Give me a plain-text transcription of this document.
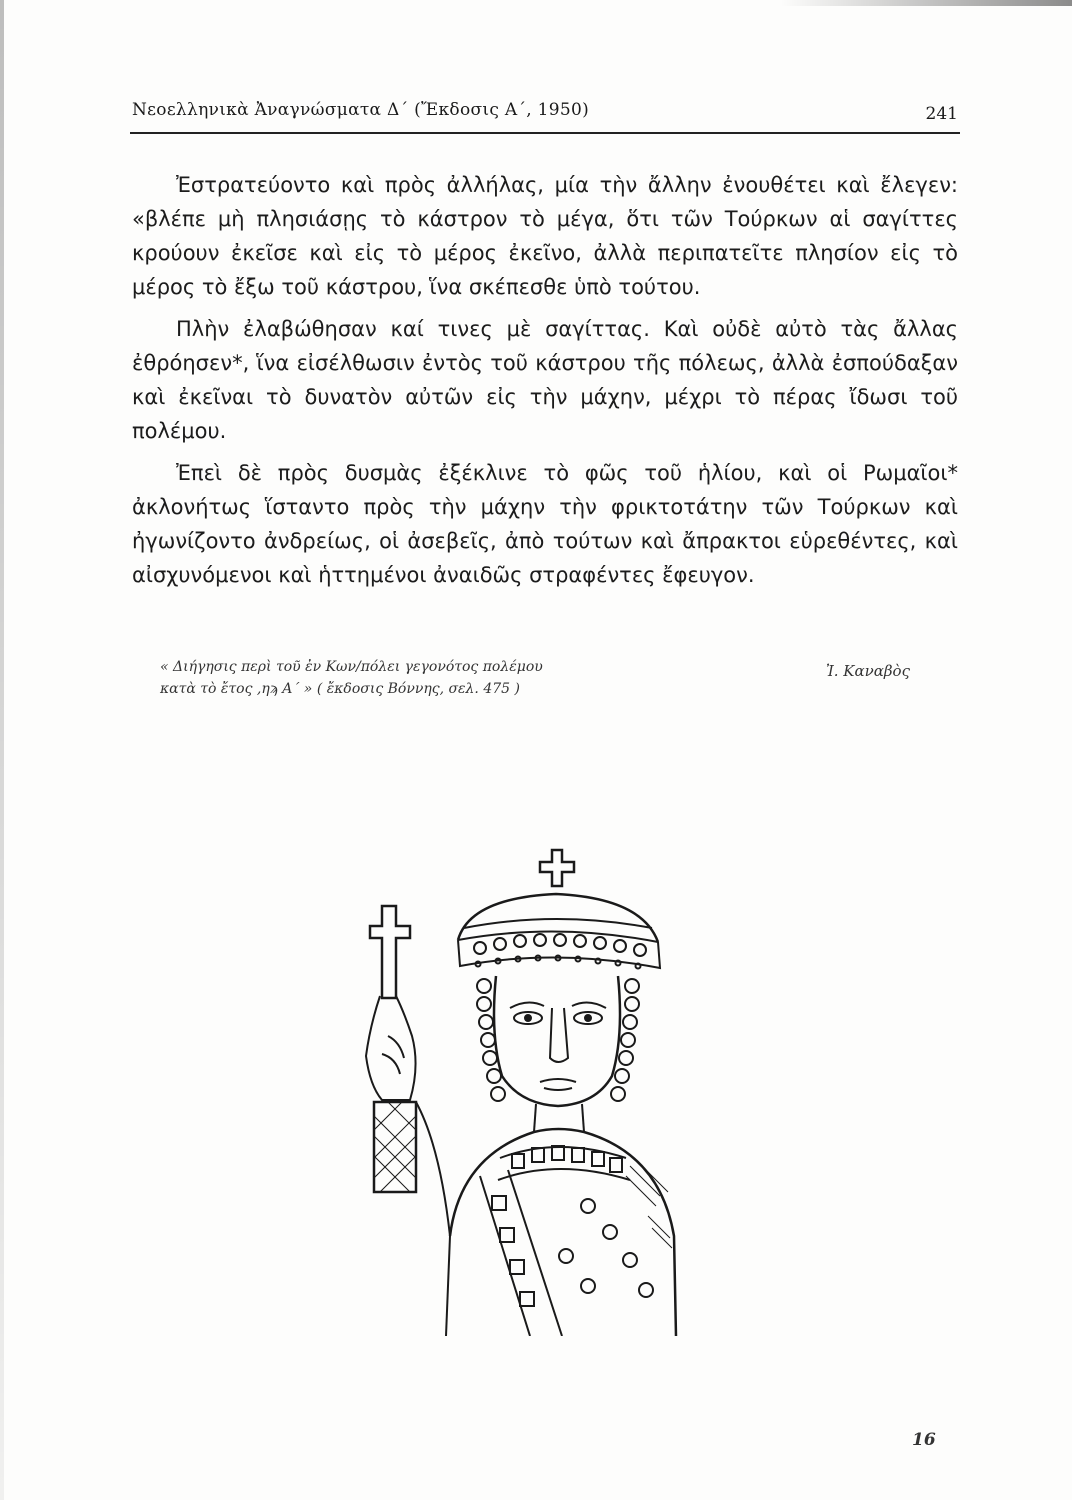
Νεοελληνικὰ Ἀναγνώσματα Δ΄ (Ἔκδοσις Α΄, 1950)	241

Ἐστρατεύοντο καὶ πρὸς ἀλλήλας, μία τὴν ἄλλην ἐνουθέτει καὶ ἔλεγεν: «βλέπε μὴ πλησιάσῃς τὸ κάστρον τὸ μέγα, ὅτι τῶν Τούρκων αἱ σαγίττες κρούουν ἐκεῖσε καὶ εἰς τὸ μέρος ἐκεῖνο, ἀλλὰ περιπατεῖτε πλησίον εἰς τὸ μέρος τὸ ἔξω τοῦ κάστρου, ἵνα σκέπεσθε ὑπὸ τούτου.

Πλὴν ἐλαβώθησαν καί τινες μὲ σαγίττας. Καὶ οὐδὲ αὐτὸ τὰς ἄλλας ἐθρόησεν*, ἵνα εἰσέλθωσιν ἐντὸς τοῦ κάστρου τῆς πόλεως, ἀλλὰ ἐσπούδαξαν καὶ ἐκεῖναι τὸ δυνατὸν αὐτῶν εἰς τὴν μάχην, μέχρι τὸ πέρας ἴδωσι τοῦ πολέμου.

Ἐπεὶ δὲ πρὸς δυσμὰς ἐξέκλινε τὸ φῶς τοῦ ἡλίου, καὶ οἱ Ρωμαῖοι* ἀκλονήτως ἵσταντο πρὸς τὴν μάχην τὴν φρικτοτάτην τῶν Τούρκων καὶ ἠγωνίζοντο ἀνδρείως, οἱ ἀσεβεῖς, ἀπὸ τούτων καὶ ἄπρακτοι εὑρεθέντες, καὶ αἰσχυνόμενοι καὶ ἡττημένοι ἀναιδῶς στραφέντες ἔφευγον.

« Διήγησις περὶ τοῦ ἐν Κων/πόλει γεγονότος πολέμου
κατὰ τὸ ἔτος ,ηϡ Α΄ » ( ἔκδοσις Βόννης, σελ. 475 )
Ἰ. Καναβὸς
16
